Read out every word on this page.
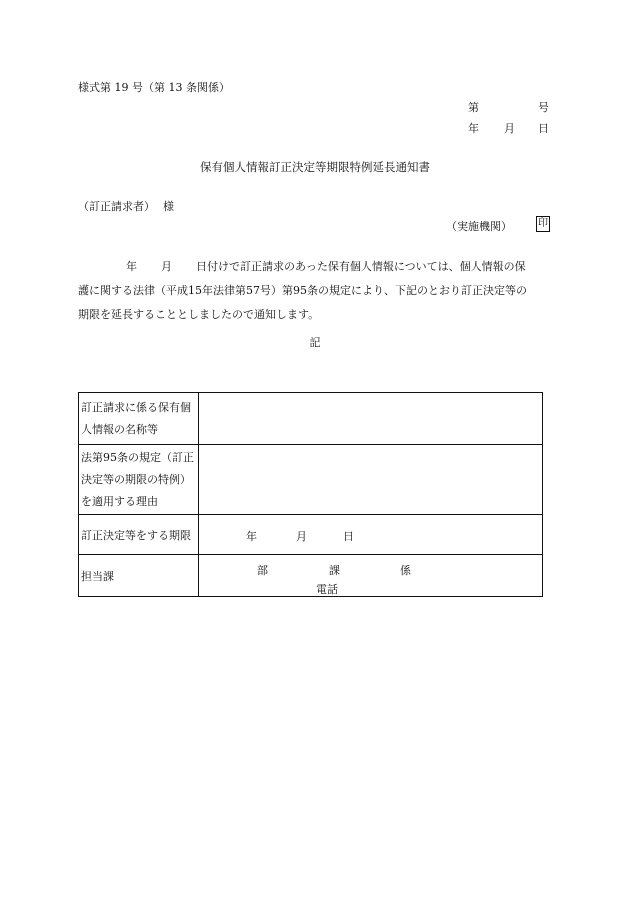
様式第 19 号（第 13 条関係）
第	号
年 月 日
保有個人情報訂正決定等期限特例延長通知書
（訂正請求者） 様
（実施機関）	印
年 月 日付けで訂正請求のあった保有個人情報については、個人情報の保
護に関する法律（平成15年法律第57号）第95条の規定により、下記のとおり訂正決定等の
期限を延長することとしましたので通知します。
記
訂正請求に係る保有個
人情報の名称等	

法第95条の規定（訂正
決定等の期限の特例）
を適用する理由	

訂正決定等をする期限	年 月 日

担当課	部 課 係
電話
